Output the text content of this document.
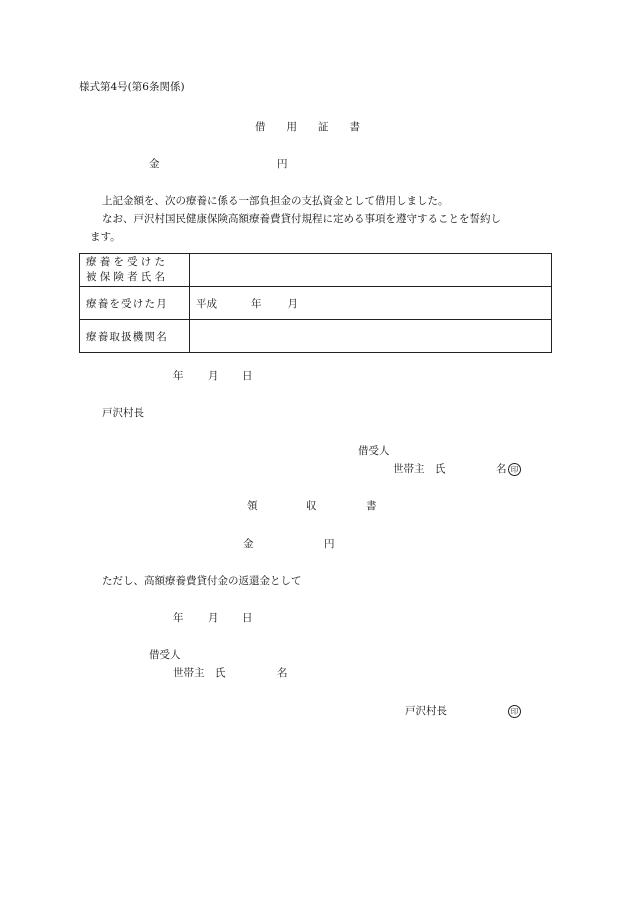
様式第4号(第6条関係)
借　　用　　証　　書
金	円
上記金額を、次の療養に係る一部負担金の支払資金として借用しました。
なお、戸沢村国民健康保険高額療養費貸付規程に定める事項を遵守することを誓約し
ます。
療養を受けた
被保険者氏名	

療養を受けた月	平成 年 月
療養取扱機関名	
年 月 日
戸沢村長
借受人
世帯主　氏	名 印
領	収	書
金	円
ただし、高額療養費貸付金の返還金として
年 月 日
借受人
世帯主　氏	名
戸沢村長	印
